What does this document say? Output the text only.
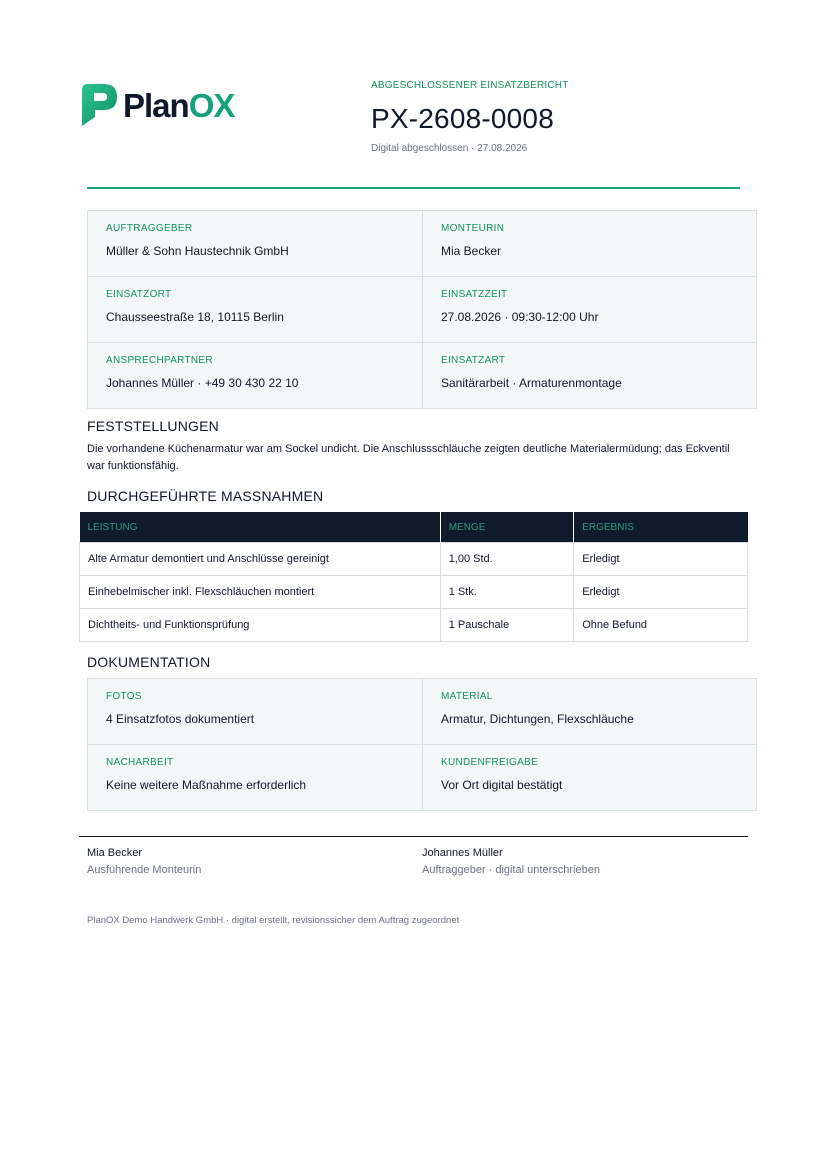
PlanOX
ABGESCHLOSSENER EINSATZBERICHT
PX-2608-0008
Digital abgeschlossen · 27.08.2026
AUFTRAGGEBER
Müller & Sohn Haustechnik GmbH
MONTEURIN
Mia Becker
EINSATZORT
Chausseestraße 18, 10115 Berlin
EINSATZZEIT
27.08.2026 · 09:30-12:00 Uhr
ANSPRECHPARTNER
Johannes Müller · +49 30 430 22 10
EINSATZART
Sanitärarbeit · Armaturenmontage
FESTSTELLUNGEN
Die vorhandene Küchenarmatur war am Sockel undicht. Die Anschlussschläuche zeigten deutliche Materialermüdung; das Eckventil war funktionsfähig.
DURCHGEFÜHRTE MASSNAHMEN
LEISTUNG	MENGE	ERGEBNIS
Alte Armatur demontiert und Anschlüsse gereinigt	1,00 Std.	Erledigt
Einhebelmischer inkl. Flexschläuchen montiert	1 Stk.	Erledigt
Dichtheits- und Funktionsprüfung	1 Pauschale	Ohne Befund
DOKUMENTATION
FOTOS
4 Einsatzfotos dokumentiert
MATERIAL
Armatur, Dichtungen, Flexschläuche
NACHARBEIT
Keine weitere Maßnahme erforderlich
KUNDENFREIGABE
Vor Ort digital bestätigt
Mia Becker
Ausführende Monteurin
Johannes Müller
Auftraggeber · digital unterschrieben
PlanOX Demo Handwerk GmbH · digital erstellt, revisionssicher dem Auftrag zugeordnet
